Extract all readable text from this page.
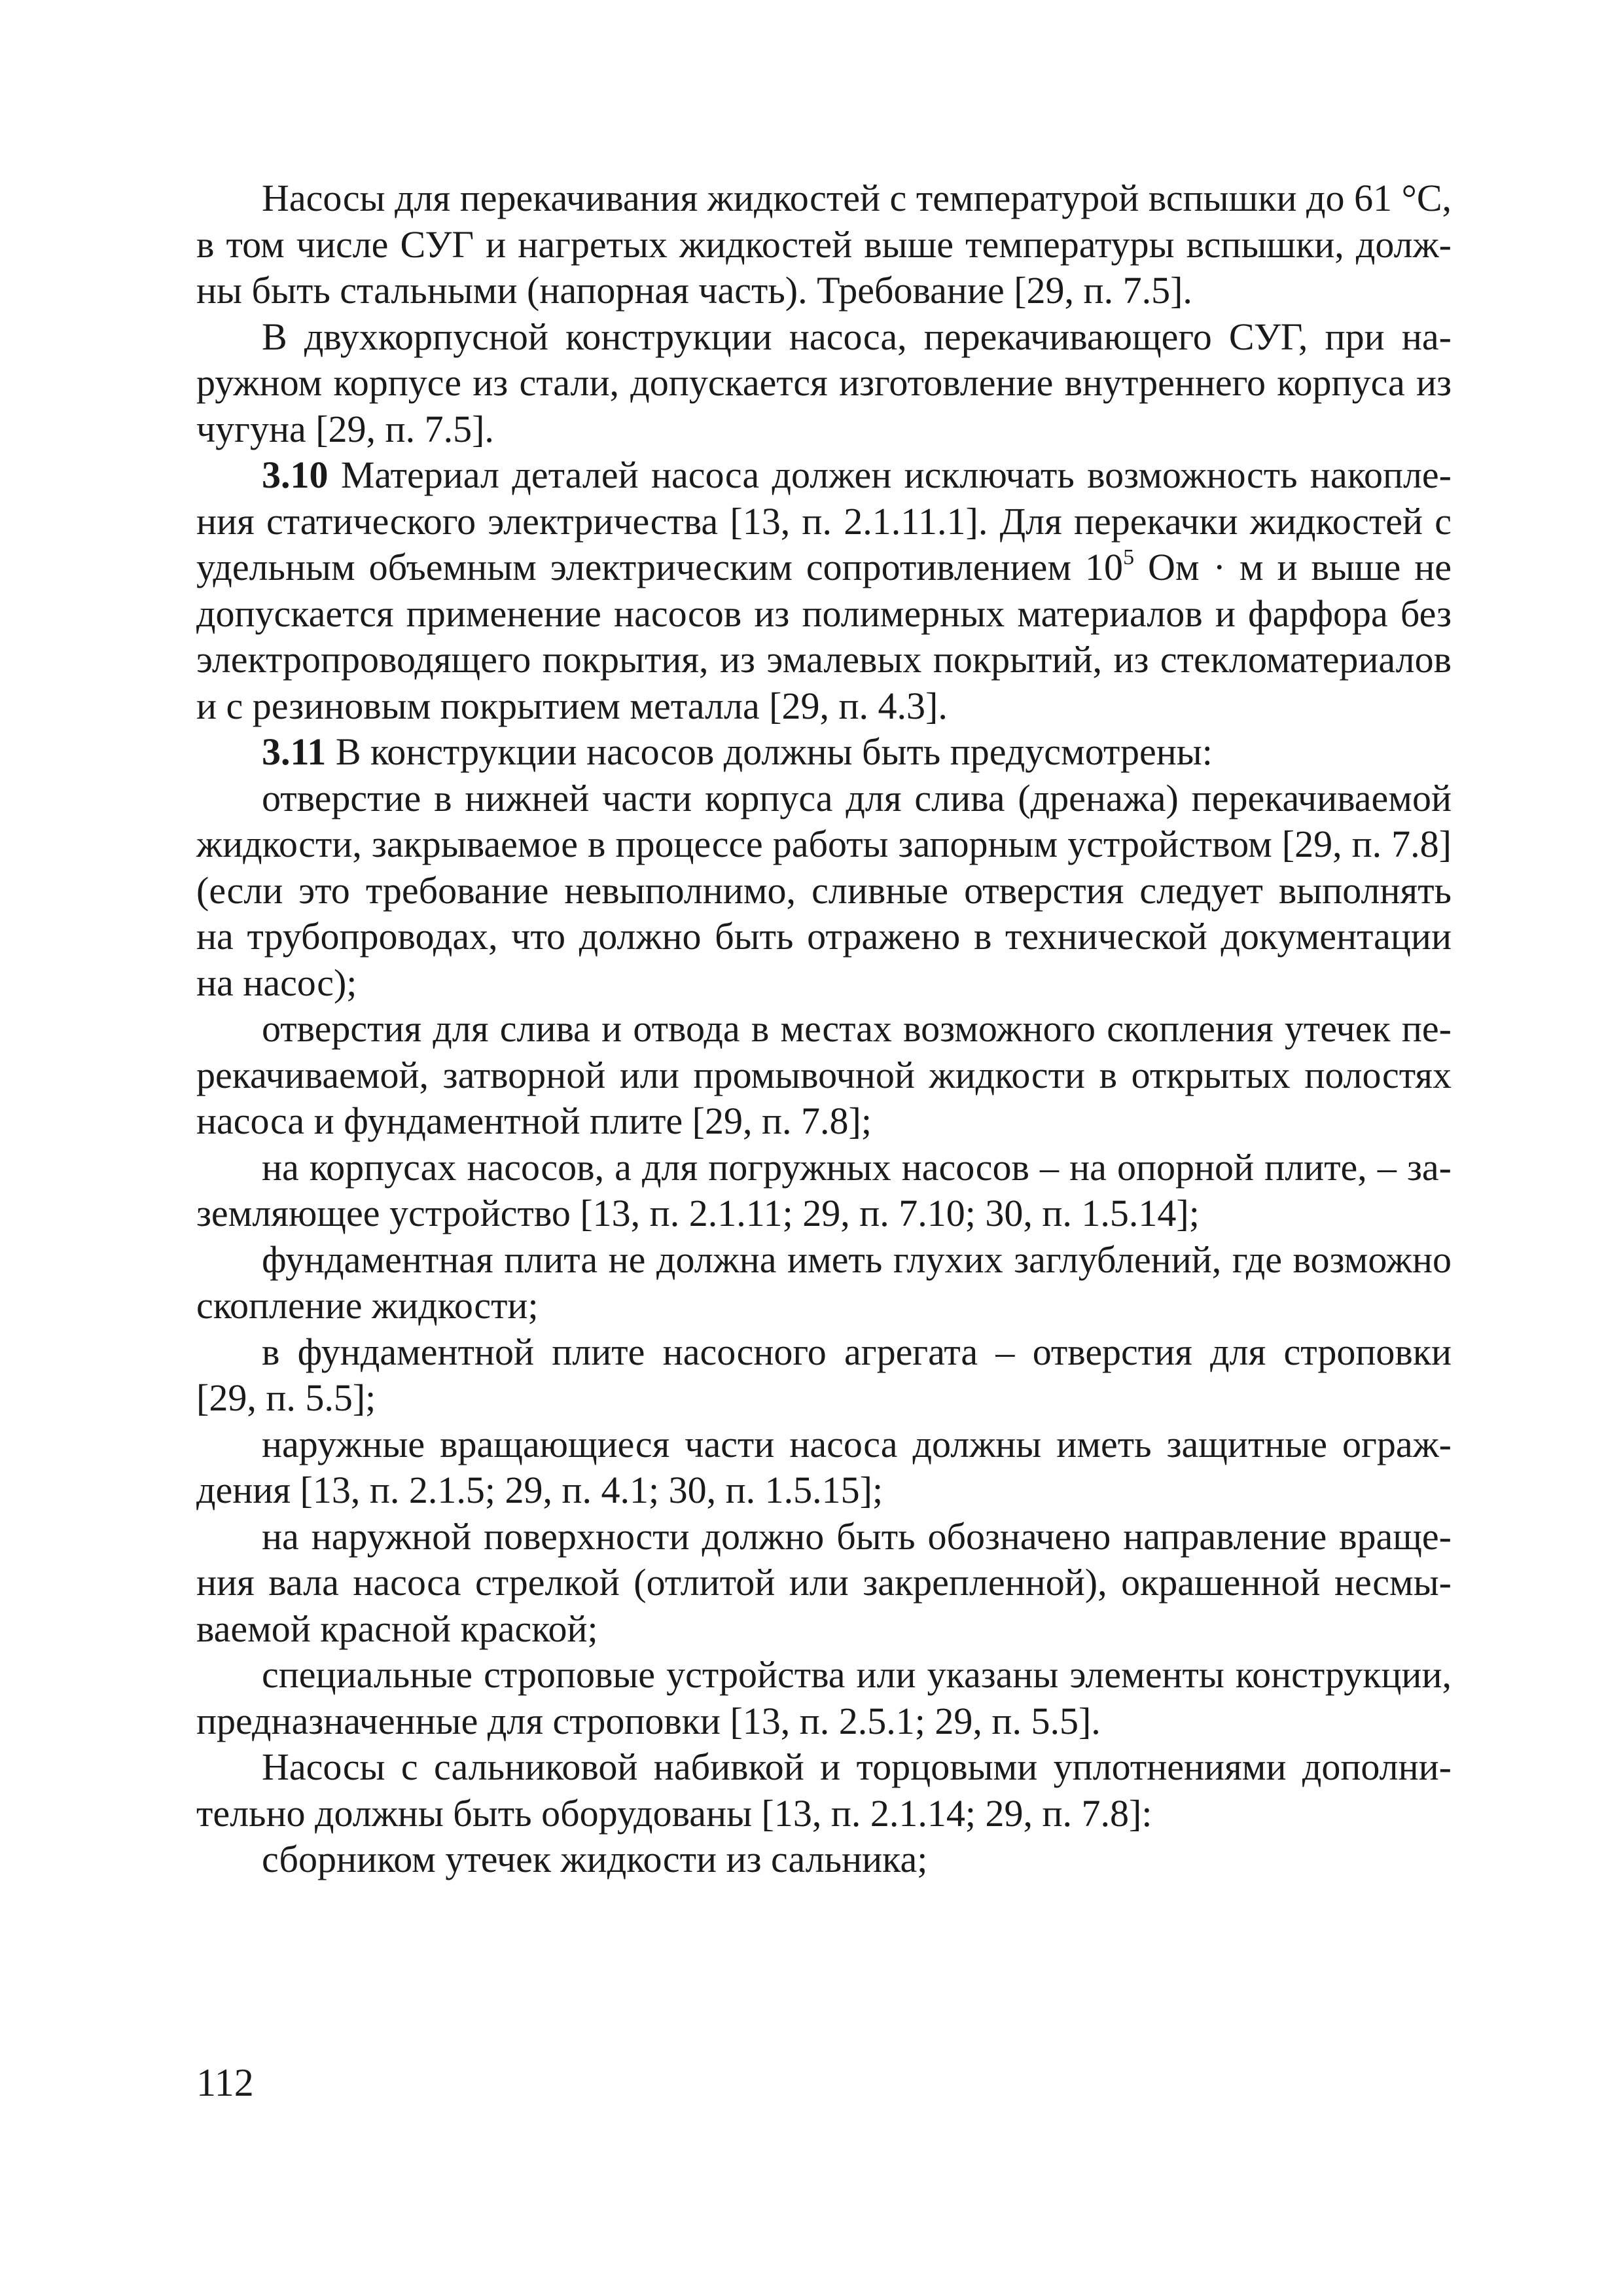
Насосы для перекачивания жидкостей с температурой вспышки до 61 °С, в том числе СУГ и нагретых жидкостей выше температуры вспышки, должны быть стальными (напорная часть). Требование [29, п. 7.5].

В двухкорпусной конструкции насоса, перекачивающего СУГ, при наружном корпусе из стали, допускается изготовление внутреннего корпуса из чугуна [29, п. 7.5].

3.10 Материал деталей насоса должен исключать возможность накопления статического электричества [13, п. 2.1.11.1]. Для перекачки жидкостей с удельным объемным электрическим сопротивлением $10^5$ Ом · м и выше не допускается применение насосов из полимерных материалов и фарфора без электропроводящего покрытия, из эмалевых покрытий, из стекломатериалов и с резиновым покрытием металла [29, п. 4.3].

3.11 В конструкции насосов должны быть предусмотрены:

отверстие в нижней части корпуса для слива (дренажа) перекачиваемой жидкости, закрываемое в процессе работы запорным устройством [29, п. 7.8] (если это требование невыполнимо, сливные отверстия следует выполнять на трубопроводах, что должно быть отражено в технической документации на насос);

отверстия для слива и отвода в местах возможного скопления утечек перекачиваемой, затворной или промывочной жидкости в открытых полостях насоса и фундаментной плите [29, п. 7.8];

на корпусах насосов, а для погружных насосов – на опорной плите, – заземляющее устройство [13, п. 2.1.11; 29, п. 7.10; 30, п. 1.5.14];

фундаментная плита не должна иметь глухих заглублений, где возможно скопление жидкости;

в фундаментной плите насосного агрегата – отверстия для строповки [29, п. 5.5];

наружные вращающиеся части насоса должны иметь защитные ограждения [13, п. 2.1.5; 29, п. 4.1; 30, п. 1.5.15];

на наружной поверхности должно быть обозначено направление вращения вала насоса стрелкой (отлитой или закрепленной), окрашенной несмываемой красной краской;

специальные строповые устройства или указаны элементы конструкции, предназначенные для строповки [13, п. 2.5.1; 29, п. 5.5].

Насосы с сальниковой набивкой и торцовыми уплотнениями дополнительно должны быть оборудованы [13, п. 2.1.14; 29, п. 7.8]:

сборником утечек жидкости из сальника;

112
